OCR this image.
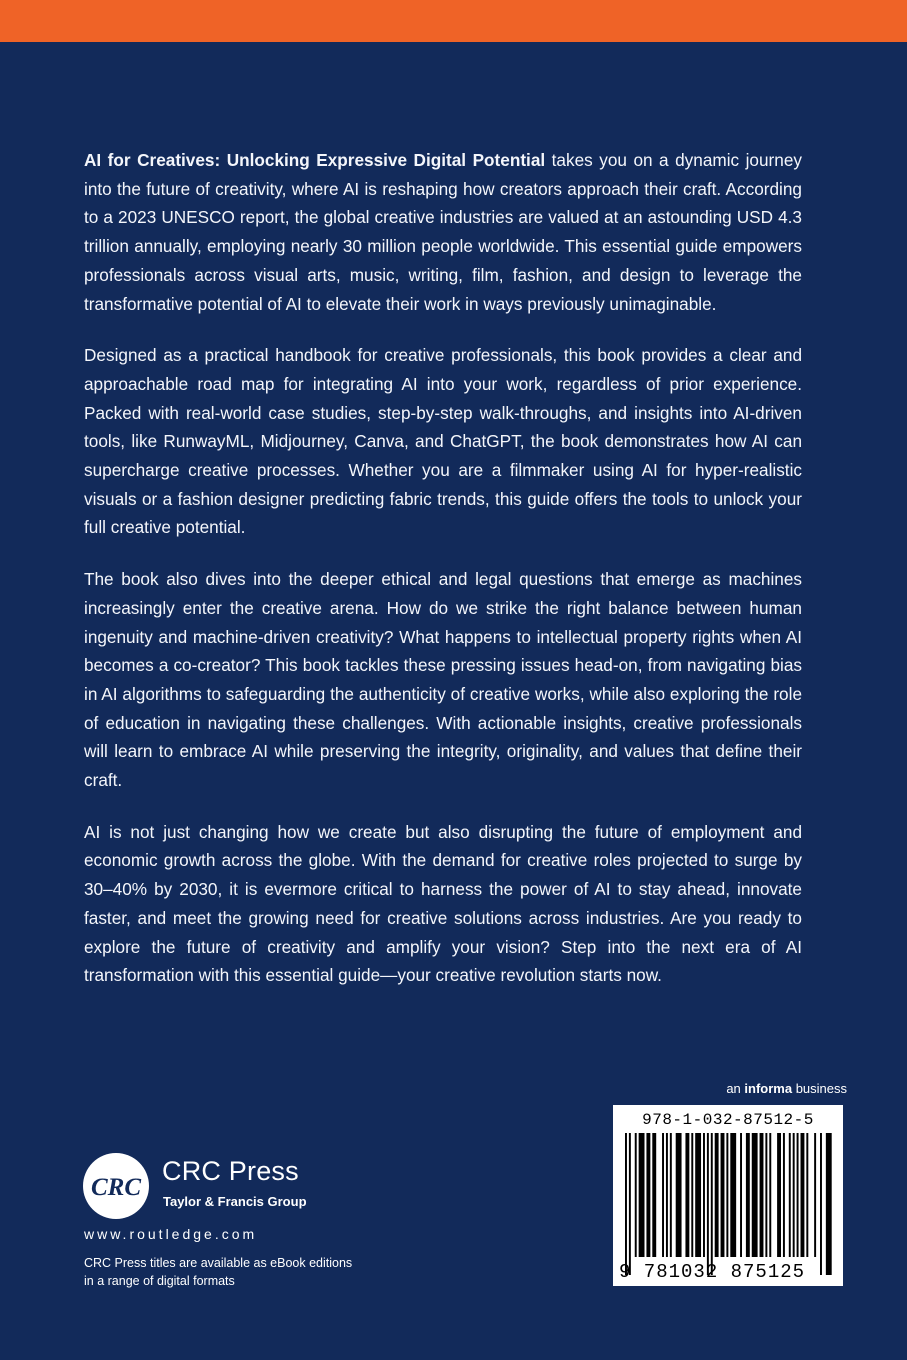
AI for Creatives: Unlocking Expressive Digital Potential takes you on a dynamic journey into the future of creativity, where AI is reshaping how creators approach their craft. According to a 2023 UNESCO report, the global creative industries are valued at an astounding USD 4.3 trillion annually, employing nearly 30 million people worldwide. This essential guide empowers professionals across visual arts, music, writing, film, fashion, and design to leverage the transformative potential of AI to elevate their work in ways previously unimaginable.

Designed as a practical handbook for creative professionals, this book provides a clear and approachable road map for integrating AI into your work, regardless of prior experience. Packed with real-world case studies, step-by-step walk-throughs, and insights into AI-driven tools, like RunwayML, Midjourney, Canva, and ChatGPT, the book demonstrates how AI can supercharge creative processes. Whether you are a filmmaker using AI for hyper-realistic visuals or a fashion designer predicting fabric trends, this guide offers the tools to unlock your full creative potential.

The book also dives into the deeper ethical and legal questions that emerge as machines increasingly enter the creative arena. How do we strike the right balance between human ingenuity and machine-driven creativity? What happens to intellectual property rights when AI becomes a co-creator? This book tackles these pressing issues head-on, from navigating bias in AI algorithms to safeguarding the authenticity of creative works, while also exploring the role of education in navigating these challenges. With actionable insights, creative professionals will learn to embrace AI while preserving the integrity, originality, and values that define their craft.

AI is not just changing how we create but also disrupting the future of employment and economic growth across the globe. With the demand for creative roles projected to surge by 30–40% by 2030, it is evermore critical to harness the power of AI to stay ahead, innovate faster, and meet the growing need for creative solutions across industries. Are you ready to explore the future of creativity and amplify your vision? Step into the next era of AI transformation with this essential guide—your creative revolution starts now.

an informa business
978-1-032-87512-5
9 781032 875125
CRC
CRC Press
Taylor & Francis Group
www.routledge.com
CRC Press titles are available as eBook editions
in a range of digital formats
